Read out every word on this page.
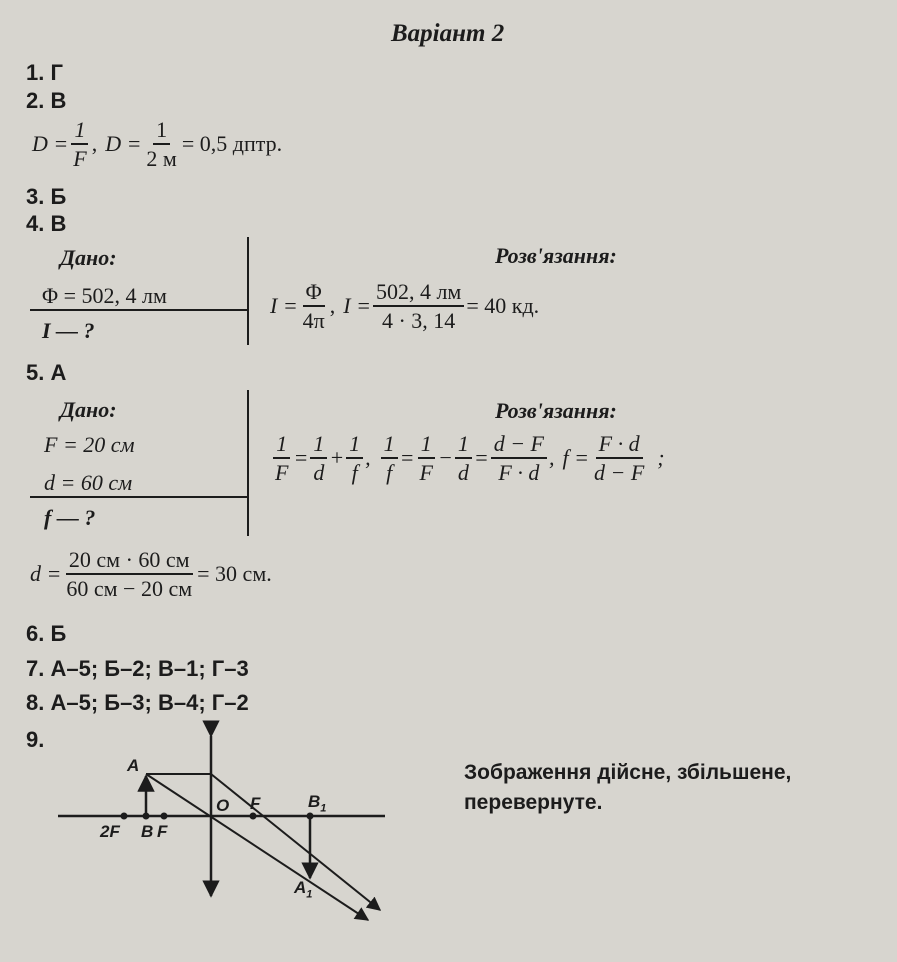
Варіант 2
1. Г
2. В
$D = \frac{1}{F}$ , $D = \frac{1}{2 м} = 0,5$ дптр.
3. Б
4. В
Дано:
Φ = 502, 4 лм
I — ?
Розв'язання:
$I = \frac{\Phi}{4\pi}$ , $I = \frac{502, 4 лм}{4 \cdot 3, 14} = 40$ кд.
5. А
Дано:
F = 20 см
d = 60 см
f — ?
Розв'язання:
$\frac{1}{F} = \frac{1}{d} + \frac{1}{f}$ , $\frac{1}{f} = \frac{1}{F} - \frac{1}{d} = \frac{d - F}{F \cdot d}$ , $f = \frac{F \cdot d}{d - F}$ ;
$d = \frac{20 см \cdot 60 см}{60 см - 20 см} = 30$ см.
6. Б
7. А–5; Б–2; В–1; Г–3
8. А–5; Б–3; В–4; Г–2
9.
A
O F	$B_1$
2F B F
$A_1$
Зображення дійсне, збільшене,
перевернуте.
